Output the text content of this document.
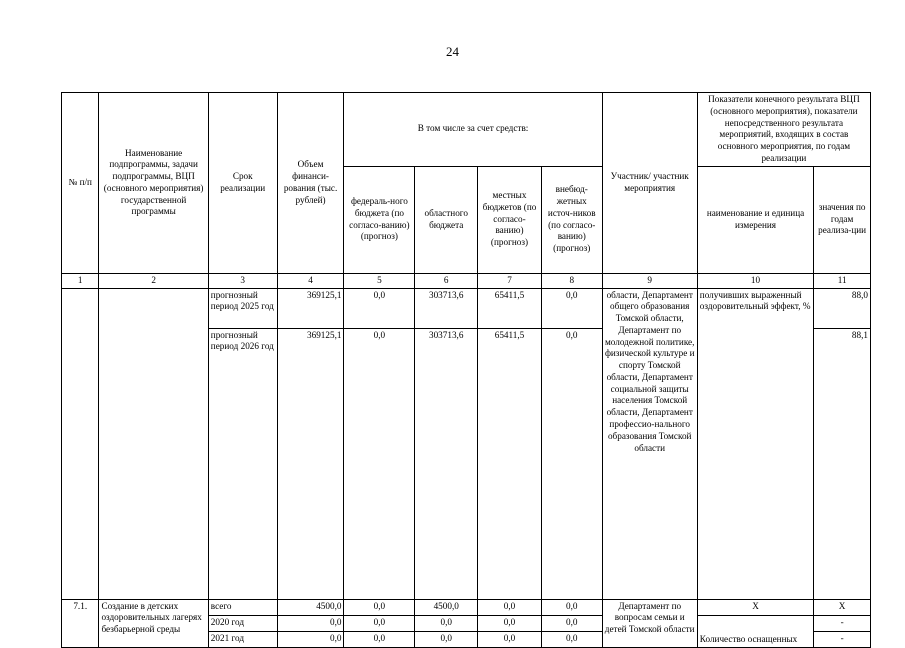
24
№ п/п	Наименование подпрограммы, задачи подпрограммы, ВЦП (основного мероприятия) государственной программы	Срок реализации	Объем финанси-рования (тыс. рублей)	В том числе за счет средств:				Участник/ участник мероприятия	Показатели конечного результата ВЦП (основного мероприятия), показатели непосредственного результата мероприятий, входящих в состав основного мероприятия, по годам реализации	
				федераль-ного бюджета (по согласо-ванию) (прогноз)	областного бюджета	местных бюджетов (по согласо-ванию) (прогноз)	внебюд-жетных источ-ников (по согласо-ванию) (прогноз)		наименование и единица измерения	значения по годам реализа-ции
1	2	3	4	5	6	7	8	9	10	11
		прогнозный период 2025 год	369125,1	0,0	303713,6	65411,5	0,0	области, Департамент общего образования Томской области, Департамент по молодежной политике, физической культуре и спорту Томской области, Департамент социальной защиты населения Томской области, Департамент профессио-нального образования Томской области	получивших выраженный оздоровительный эффект, %	88,0
		прогнозный период 2026 год	369125,1	0,0	303713,6	65411,5	0,0			88,1
7.1.	Создание в детских оздоровительных лагерях безбарьерной среды	всего	4500,0	0,0	4500,0	0,0	0,0	Департамент по вопросам семьи и детей Томской области	Х	Х
		2020 год	0,0	0,0	0,0	0,0	0,0		Количество оснащенных	-
		2021 год	0,0	0,0	0,0	0,0	0,0			-
